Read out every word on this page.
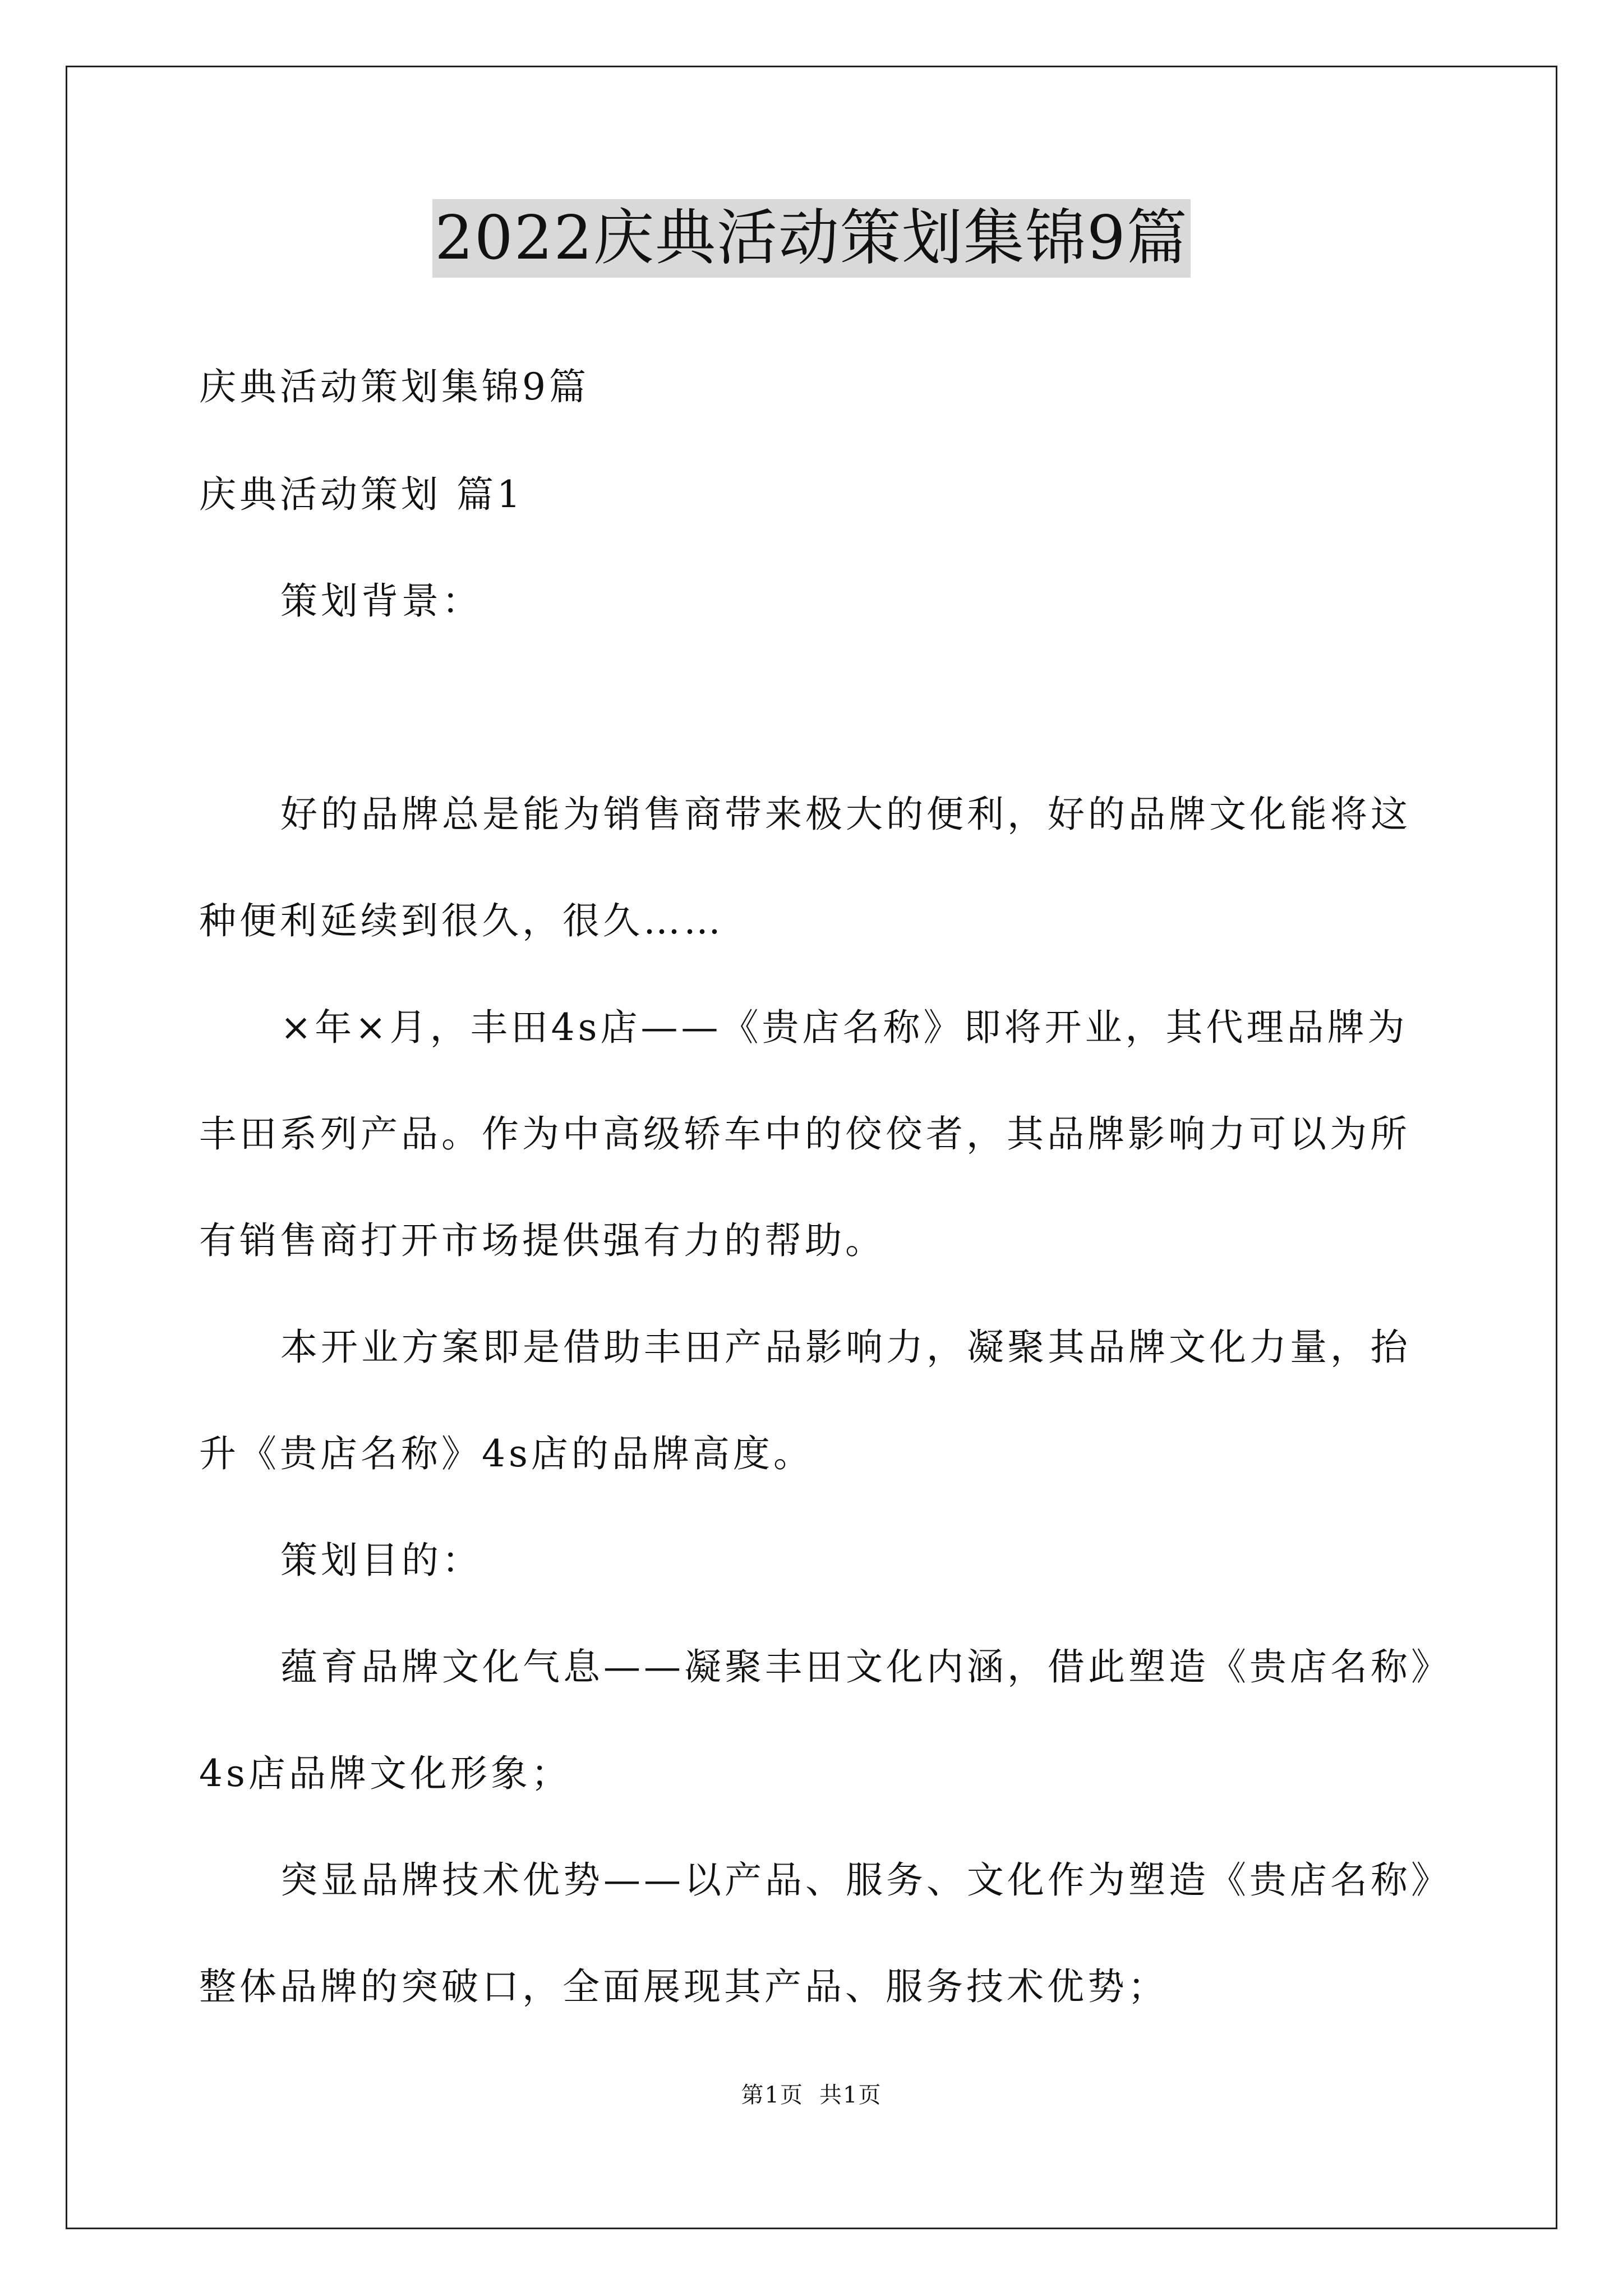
2022庆典活动策划集锦9篇
庆典活动策划集锦9篇
庆典活动策划 篇1
策划背景：
好的品牌总是能为销售商带来极大的便利，好的品牌文化能将这
种便利延续到很久，很久……
×年×月，丰田4s店——《贵店名称》即将开业，其代理品牌为
丰田系列产品。作为中高级轿车中的佼佼者，其品牌影响力可以为所
有销售商打开市场提供强有力的帮助。
本开业方案即是借助丰田产品影响力，凝聚其品牌文化力量，抬
升《贵店名称》4s店的品牌高度。
策划目的：
蕴育品牌文化气息——凝聚丰田文化内涵，借此塑造《贵店名称》
4s店品牌文化形象；
突显品牌技术优势——以产品、服务、文化作为塑造《贵店名称》
整体品牌的突破口，全面展现其产品、服务技术优势；
第1页 共1页
